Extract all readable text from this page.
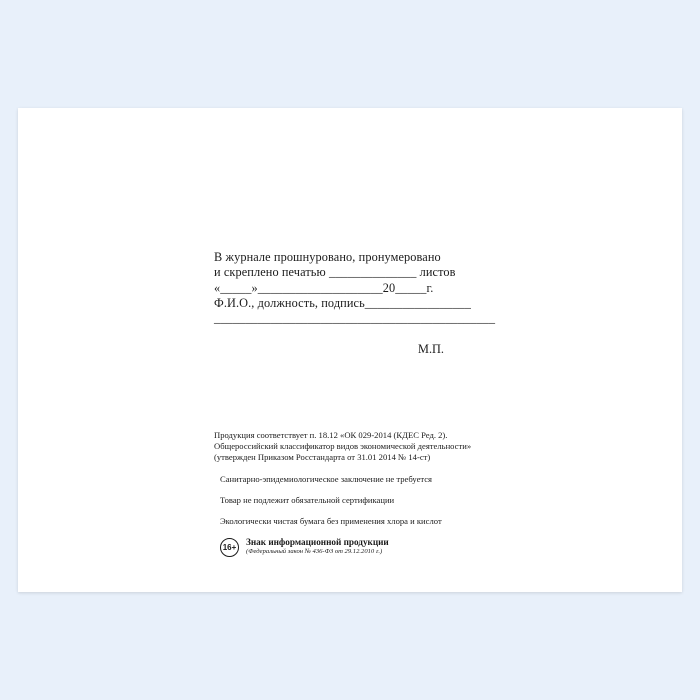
В журнале прошнуровано, пронумеровано
и скреплено печатью ______________ листов
«_____»____________________20_____г.
Ф.И.О., должность, подпись_________________
_____________________________________________
М.П.
Продукция соответствует п. 18.12 «ОК 029-2014 (КДЕС Ред. 2).
Общероссийский классификатор видов экономической деятельности»
(утвержден Приказом Росстандарта от 31.01 2014 № 14-ст)
Санитарно-эпидемиологическое заключение не требуется
Товар не подлежит обязательной сертификации
Экологически чистая бумага без применения хлора и кислот
16+
Знак информационной продукции
(Федеральный закон № 436-ФЗ от 29.12.2010 г.)
